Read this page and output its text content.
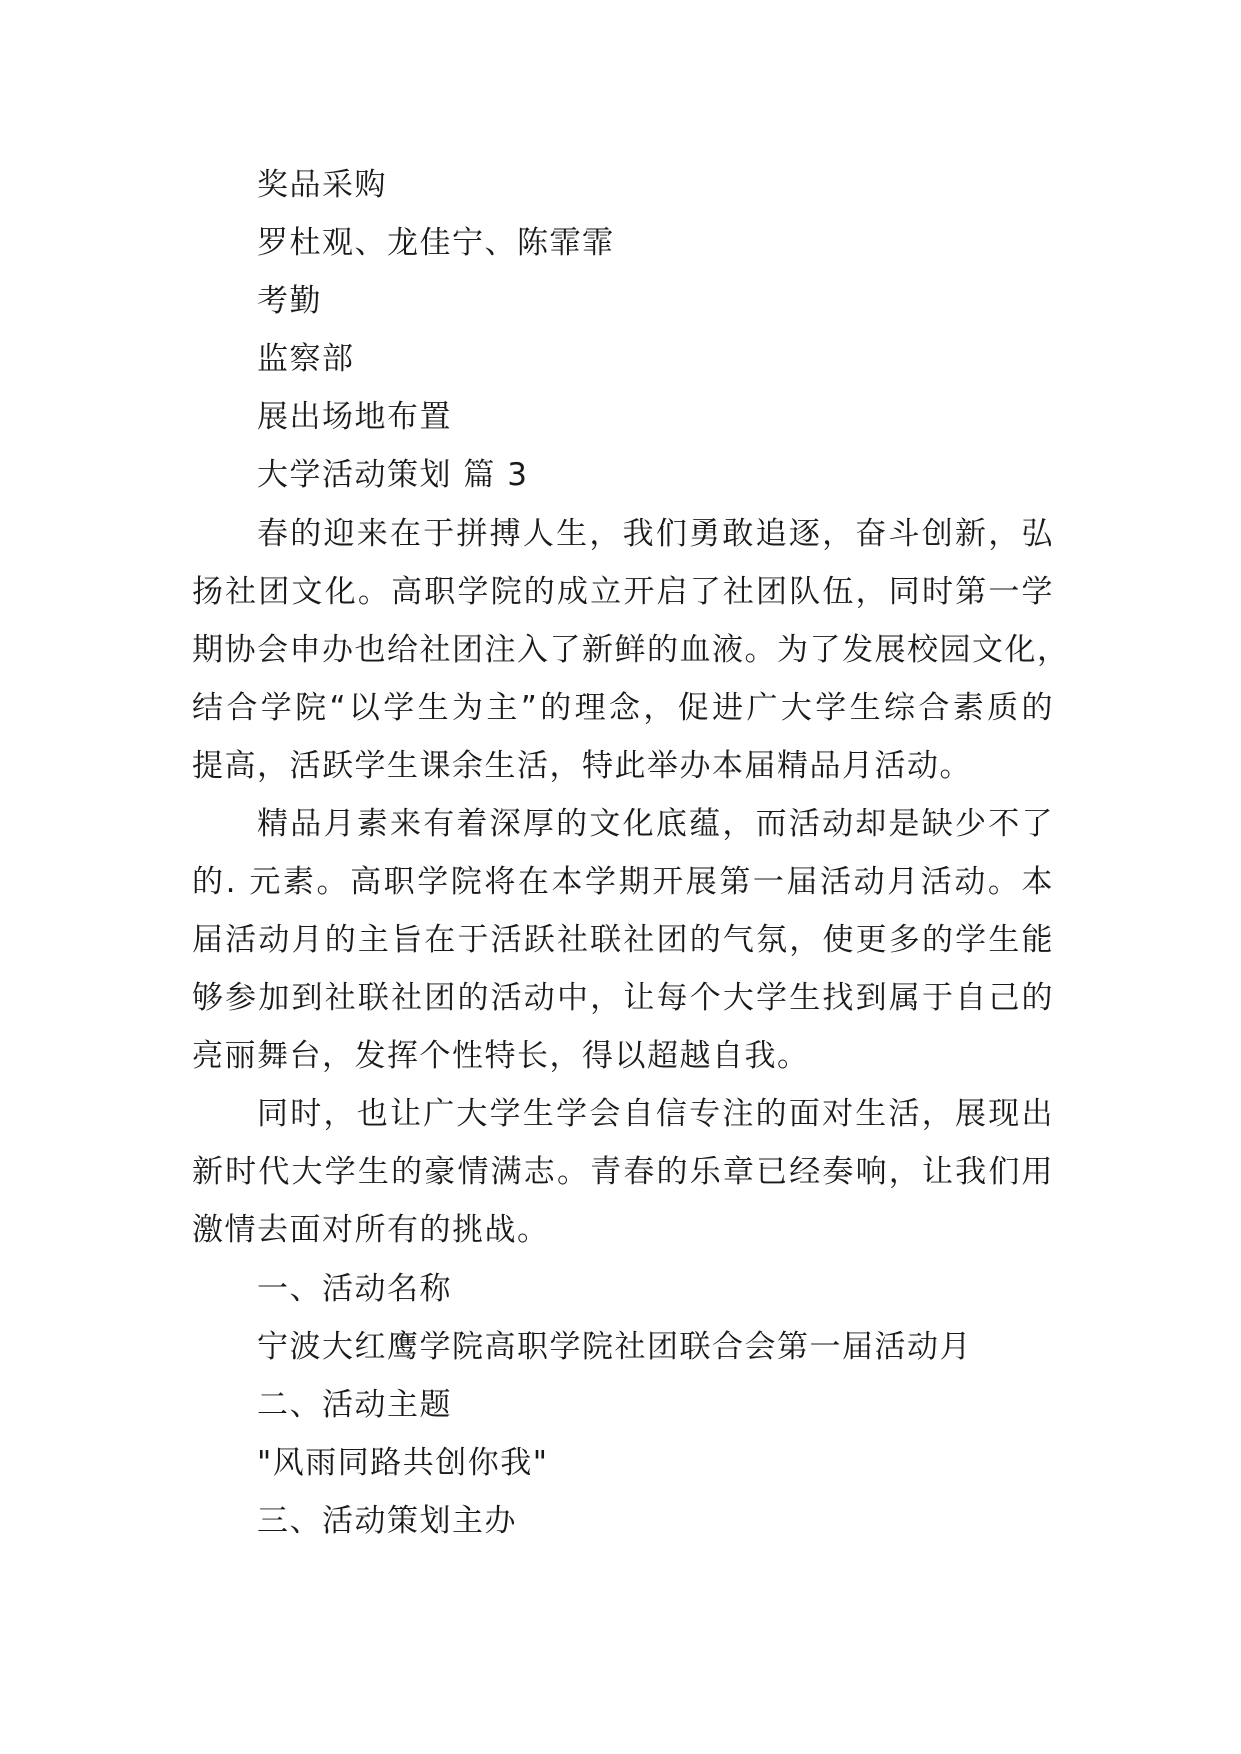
奖品采购
罗杜观、龙佳宁、陈霏霏
考勤
监察部
展出场地布置
大学活动策划 篇 3
春的迎来在于拼搏人生，我们勇敢追逐，奋斗创新，弘
扬社团文化。高职学院的成立开启了社团队伍，同时第一学
期协会申办也给社团注入了新鲜的血液。为了发展校园文化，
结合学院“以学生为主”的理念，促进广大学生综合素质的
提高，活跃学生课余生活，特此举办本届精品月活动。
精品月素来有着深厚的文化底蕴，而活动却是缺少不了
的. 元素。高职学院将在本学期开展第一届活动月活动。本
届活动月的主旨在于活跃社联社团的气氛，使更多的学生能
够参加到社联社团的活动中，让每个大学生找到属于自己的
亮丽舞台，发挥个性特长，得以超越自我。
同时，也让广大学生学会自信专注的面对生活，展现出
新时代大学生的豪情满志。青春的乐章已经奏响，让我们用
激情去面对所有的挑战。
一、活动名称
宁波大红鹰学院高职学院社团联合会第一届活动月
二、活动主题
"风雨同路共创你我"
三、活动策划主办
